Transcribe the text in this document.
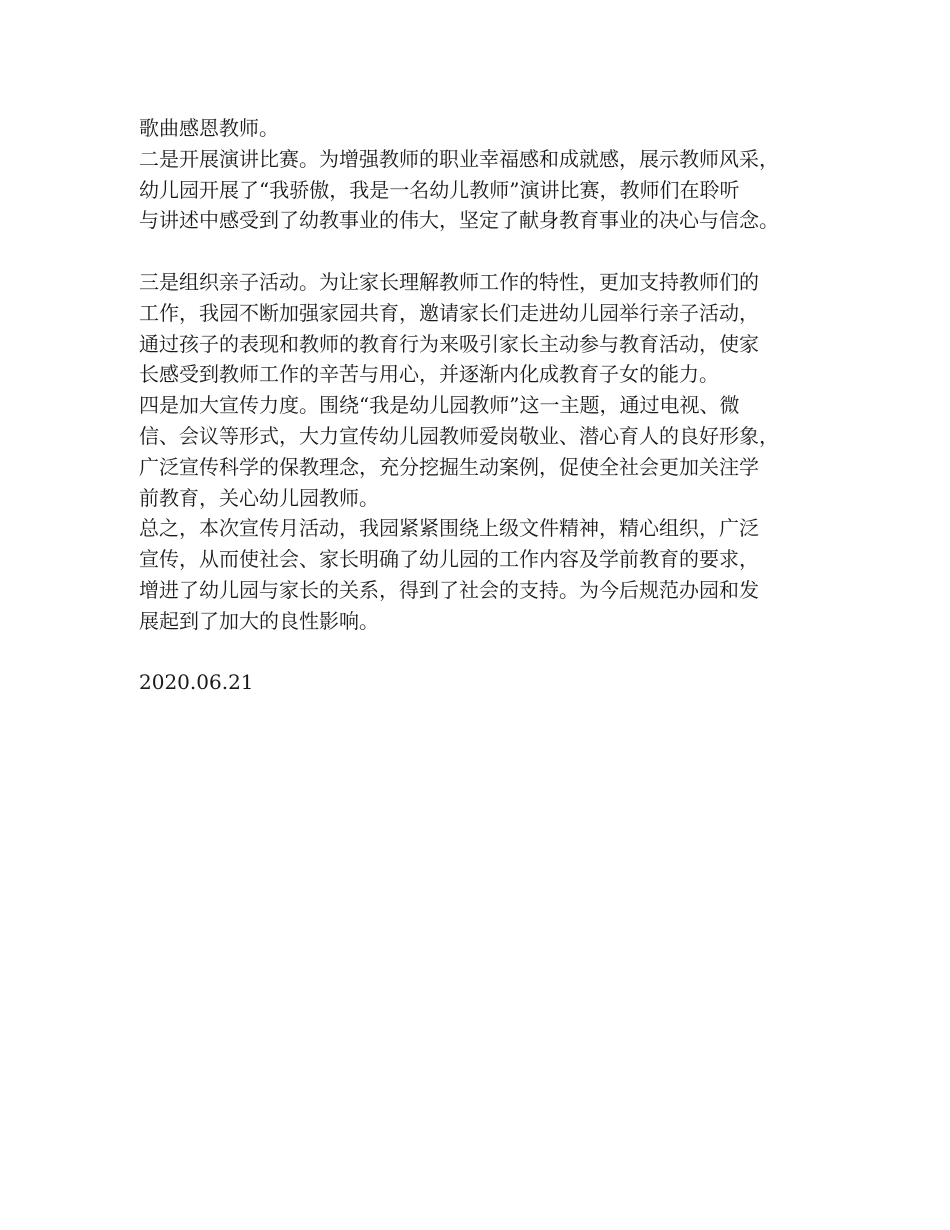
歌曲感恩教师。
二是开展演讲比赛。为增强教师的职业幸福感和成就感，展示教师风采，
幼儿园开展了“我骄傲，我是一名幼儿教师”演讲比赛，教师们在聆听
与讲述中感受到了幼教事业的伟大，坚定了献身教育事业的决心与信念。
三是组织亲子活动。为让家长理解教师工作的特性，更加支持教师们的
工作，我园不断加强家园共育，邀请家长们走进幼儿园举行亲子活动，
通过孩子的表现和教师的教育行为来吸引家长主动参与教育活动，使家
长感受到教师工作的辛苦与用心，并逐渐内化成教育子女的能力。
四是加大宣传力度。围绕“我是幼儿园教师”这一主题，通过电视、微
信、会议等形式，大力宣传幼儿园教师爱岗敬业、潜心育人的良好形象，
广泛宣传科学的保教理念，充分挖掘生动案例，促使全社会更加关注学
前教育，关心幼儿园教师。
总之，本次宣传月活动，我园紧紧围绕上级文件精神，精心组织，广泛
宣传，从而使社会、家长明确了幼儿园的工作内容及学前教育的要求，
增进了幼儿园与家长的关系，得到了社会的支持。为今后规范办园和发
展起到了加大的良性影响。
2020.06.21
